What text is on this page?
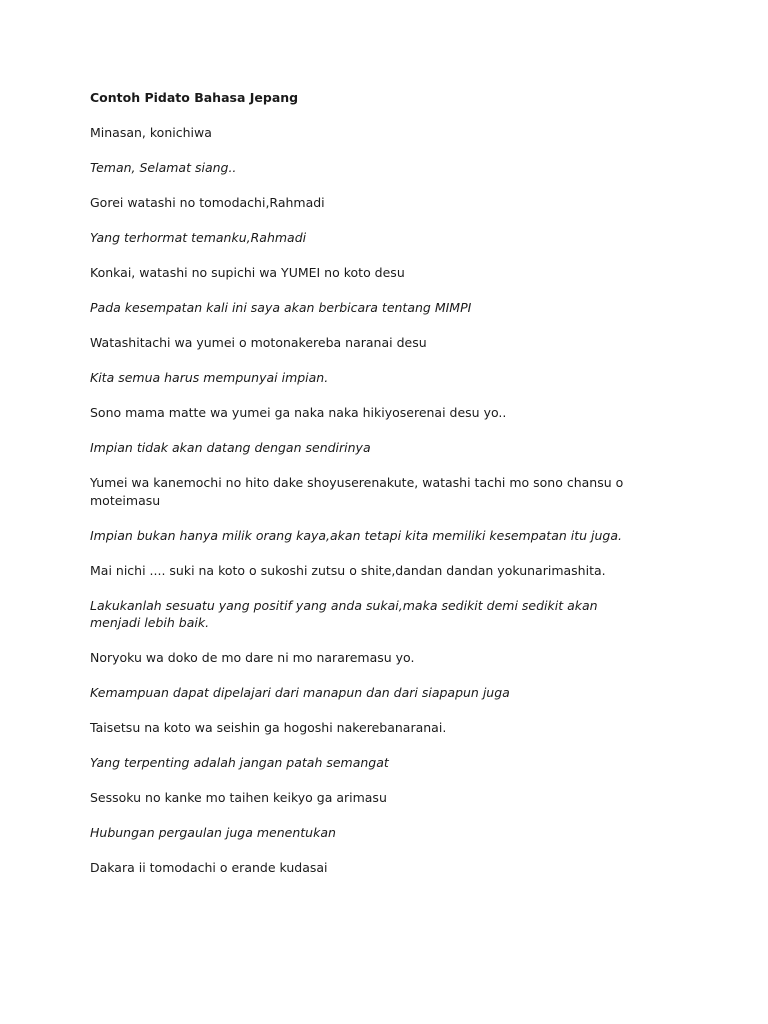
Contoh Pidato Bahasa Jepang
Minasan, konichiwa
Teman, Selamat siang..
Gorei watashi no tomodachi,Rahmadi
Yang terhormat temanku,Rahmadi
Konkai, watashi no supichi wa YUMEI no koto desu
Pada kesempatan kali ini saya akan berbicara tentang MIMPI
Watashitachi wa yumei o motonakereba naranai desu
Kita semua harus mempunyai impian.
Sono mama matte wa yumei ga naka naka hikiyoserenai desu yo..
Impian tidak akan datang dengan sendirinya
Yumei wa kanemochi no hito dake shoyuserenakute, watashi tachi mo sono chansu o moteimasu
Impian bukan hanya milik orang kaya,akan tetapi kita memiliki kesempatan itu juga.
Mai nichi .... suki na koto o sukoshi zutsu o shite,dandan dandan yokunarimashita.
Lakukanlah sesuatu yang positif yang anda sukai,maka sedikit demi sedikit akan menjadi lebih baik.
Noryoku wa doko de mo dare ni mo nararemasu yo.
Kemampuan dapat dipelajari dari manapun dan dari siapapun juga
Taisetsu na koto wa seishin ga hogoshi nakerebanaranai.
Yang terpenting adalah jangan patah semangat
Sessoku no kanke mo taihen keikyo ga arimasu
Hubungan pergaulan juga menentukan
Dakara ii tomodachi o erande kudasai
